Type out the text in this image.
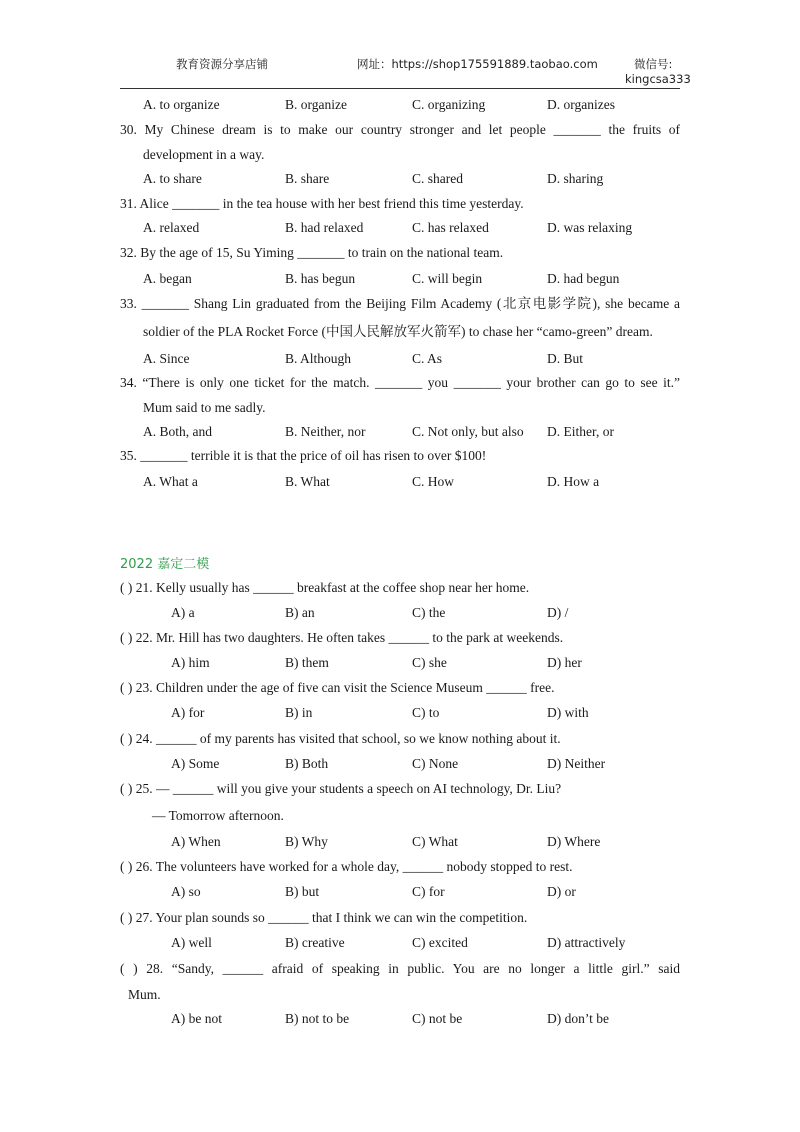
教育资源分享店铺	网址：https://shop175591889.taobao.com	微信号:
kingcsa333
A. to organize	B. organize	C. organizing	D. organizes
30. My Chinese dream is to make our country stronger and let people _______ the fruits of
development in a way.
A. to share	B. share	C. shared	D. sharing
31. Alice _______ in the tea house with her best friend this time yesterday.
A. relaxed	B. had relaxed	C. has relaxed	D. was relaxing
32. By the age of 15, Su Yiming _______ to train on the national team.
A. began	B. has begun	C. will begin	D. had begun
33. _______ Shang Lin graduated from the Beijing Film Academy (北京电影学院), she became a
soldier of the PLA Rocket Force (中国人民解放军火箭军) to chase her “camo-green” dream.
A. Since	B. Although	C. As	D. But
34. “There is only one ticket for the match. _______ you _______ your brother can go to see it.”
Mum said to me sadly.
A. Both, and	B. Neither, nor	C. Not only, but also D. Either, or
35. _______ terrible it is that the price of oil has risen to over $100!
A. What a	B. What	C. How	D. How a
2022 嘉定二模
( ) 21. Kelly usually has ______ breakfast at the coffee shop near her home.
A) a	B) an	C) the	D) /
( ) 22. Mr. Hill has two daughters. He often takes ______ to the park at weekends.
A) him	B) them	C) she	D) her
( ) 23. Children under the age of five can visit the Science Museum ______ free.
A) for	B) in	C) to	D) with
( ) 24. ______ of my parents has visited that school, so we know nothing about it.
A) Some	B) Both	C) None	D) Neither
( ) 25. — ______ will you give your students a speech on AI technology, Dr. Liu?
— Tomorrow afternoon.
A) When	B) Why	C) What	D) Where
( ) 26. The volunteers have worked for a whole day, ______ nobody stopped to rest.
A) so	B) but	C) for	D) or
( ) 27. Your plan sounds so ______ that I think we can win the competition.
A) well	B) creative	C) excited	D) attractively
( ) 28. “Sandy, ______ afraid of speaking in public. You are no longer a little girl.” said
Mum.
A) be not	B) not to be	C) not be	D) don’t be
